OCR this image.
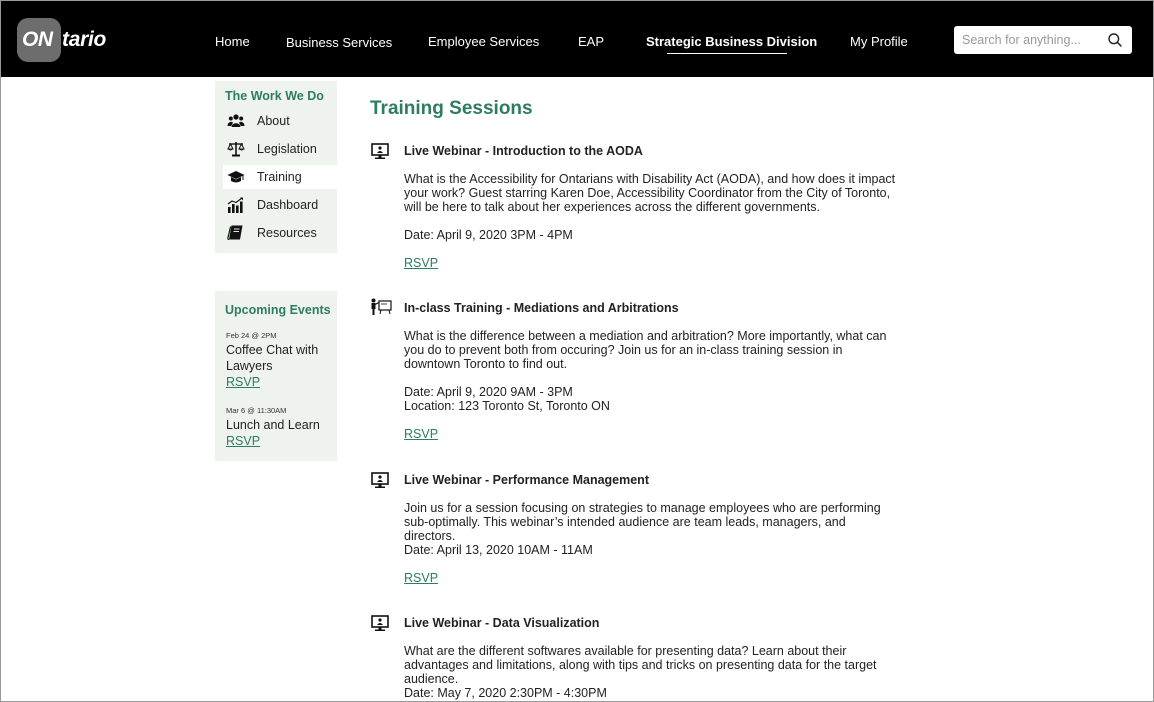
ON tario	Home	Business Services	Employee Services	EAP	Strategic Business Division	My Profile
Search for anything...
The Work We Do
About
Legislation
Training
Dashboard
Resources
Upcoming Events
Feb 24 @ 2PM
Coffee Chat with Lawyers
RSVP
Mar 6 @ 11:30AM
Lunch and Learn
RSVP
Training Sessions
Live Webinar - Introduction to the AODA
What is the Accessibility for Ontarians with Disability Act (AODA), and how does it impact your work? Guest starring Karen Doe, Accessibility Coordinator from the City of Toronto, will be here to talk about her experiences across the different governments.
Date: April 9, 2020 3PM - 4PM
RSVP
In-class Training - Mediations and Arbitrations
What is the difference between a mediation and arbitration? More importantly, what can you do to prevent both from occuring? Join us for an in-class training session in downtown Toronto to find out.
Date: April 9, 2020 9AM - 3PM
Location: 123 Toronto St, Toronto ON
RSVP
Live Webinar - Performance Management
Join us for a session focusing on strategies to manage employees who are performing sub-optimally. This webinar’s intended audience are team leads, managers, and directors.
Date: April 13, 2020 10AM - 11AM
RSVP
Live Webinar - Data Visualization
What are the different softwares available for presenting data? Learn about their advantages and limitations, along with tips and tricks on presenting data for the target audience.
Date: May 7, 2020 2:30PM - 4:30PM
